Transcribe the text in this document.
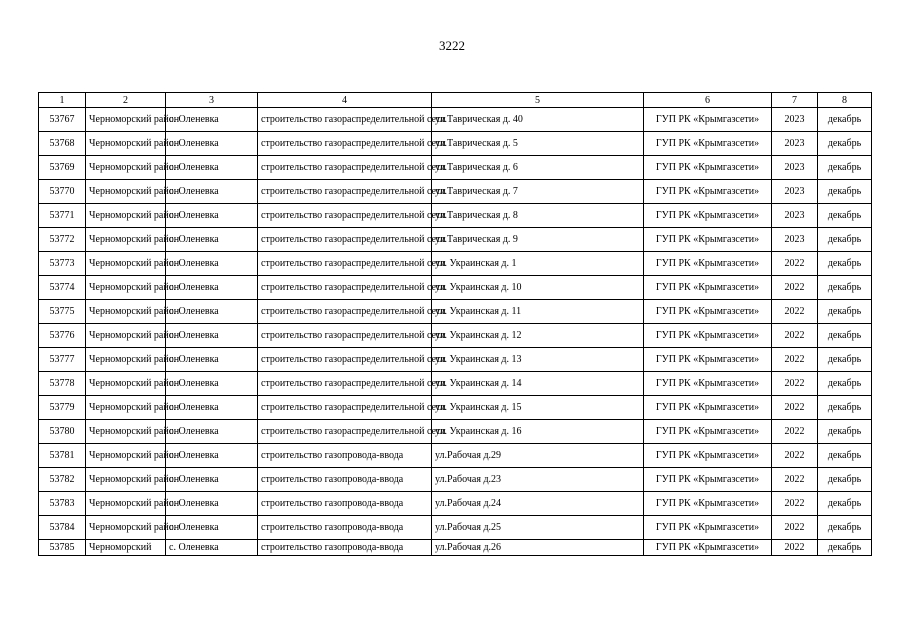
3222
1	2	3	4	5	6	7	8
53767	Черноморский район	с. Оленевка	строительство газораспределительной сети	ул.Таврическая д. 40	ГУП РК «Крымгазсети»	2023	декабрь
53768	Черноморский район	с. Оленевка	строительство газораспределительной сети	ул.Таврическая д. 5	ГУП РК «Крымгазсети»	2023	декабрь
53769	Черноморский район	с. Оленевка	строительство газораспределительной сети	ул.Таврическая д. 6	ГУП РК «Крымгазсети»	2023	декабрь
53770	Черноморский район	с. Оленевка	строительство газораспределительной сети	ул.Таврическая д. 7	ГУП РК «Крымгазсети»	2023	декабрь
53771	Черноморский район	с. Оленевка	строительство газораспределительной сети	ул.Таврическая д. 8	ГУП РК «Крымгазсети»	2023	декабрь
53772	Черноморский район	с. Оленевка	строительство газораспределительной сети	ул.Таврическая д. 9	ГУП РК «Крымгазсети»	2023	декабрь
53773	Черноморский район	с. Оленевка	строительство газораспределительной сети	ул. Украинская д. 1	ГУП РК «Крымгазсети»	2022	декабрь
53774	Черноморский район	с. Оленевка	строительство газораспределительной сети	ул. Украинская д. 10	ГУП РК «Крымгазсети»	2022	декабрь
53775	Черноморский район	с. Оленевка	строительство газораспределительной сети	ул. Украинская д. 11	ГУП РК «Крымгазсети»	2022	декабрь
53776	Черноморский район	с. Оленевка	строительство газораспределительной сети	ул. Украинская д. 12	ГУП РК «Крымгазсети»	2022	декабрь
53777	Черноморский район	с. Оленевка	строительство газораспределительной сети	ул. Украинская д. 13	ГУП РК «Крымгазсети»	2022	декабрь
53778	Черноморский район	с. Оленевка	строительство газораспределительной сети	ул. Украинская д. 14	ГУП РК «Крымгазсети»	2022	декабрь
53779	Черноморский район	с. Оленевка	строительство газораспределительной сети	ул. Украинская д. 15	ГУП РК «Крымгазсети»	2022	декабрь
53780	Черноморский район	с. Оленевка	строительство газораспределительной сети	ул. Украинская д. 16	ГУП РК «Крымгазсети»	2022	декабрь
53781	Черноморский район	с. Оленевка	строительство газопровода-ввода	ул.Рабочая д.29	ГУП РК «Крымгазсети»	2022	декабрь
53782	Черноморский район	с. Оленевка	строительство газопровода-ввода	ул.Рабочая д.23	ГУП РК «Крымгазсети»	2022	декабрь
53783	Черноморский район	с. Оленевка	строительство газопровода-ввода	ул.Рабочая д.24	ГУП РК «Крымгазсети»	2022	декабрь
53784	Черноморский район	с. Оленевка	строительство газопровода-ввода	ул.Рабочая д.25	ГУП РК «Крымгазсети»	2022	декабрь
53785	Черноморский	с. Оленевка	строительство газопровода-ввода	ул.Рабочая д.26	ГУП РК «Крымгазсети»	2022	декабрь
